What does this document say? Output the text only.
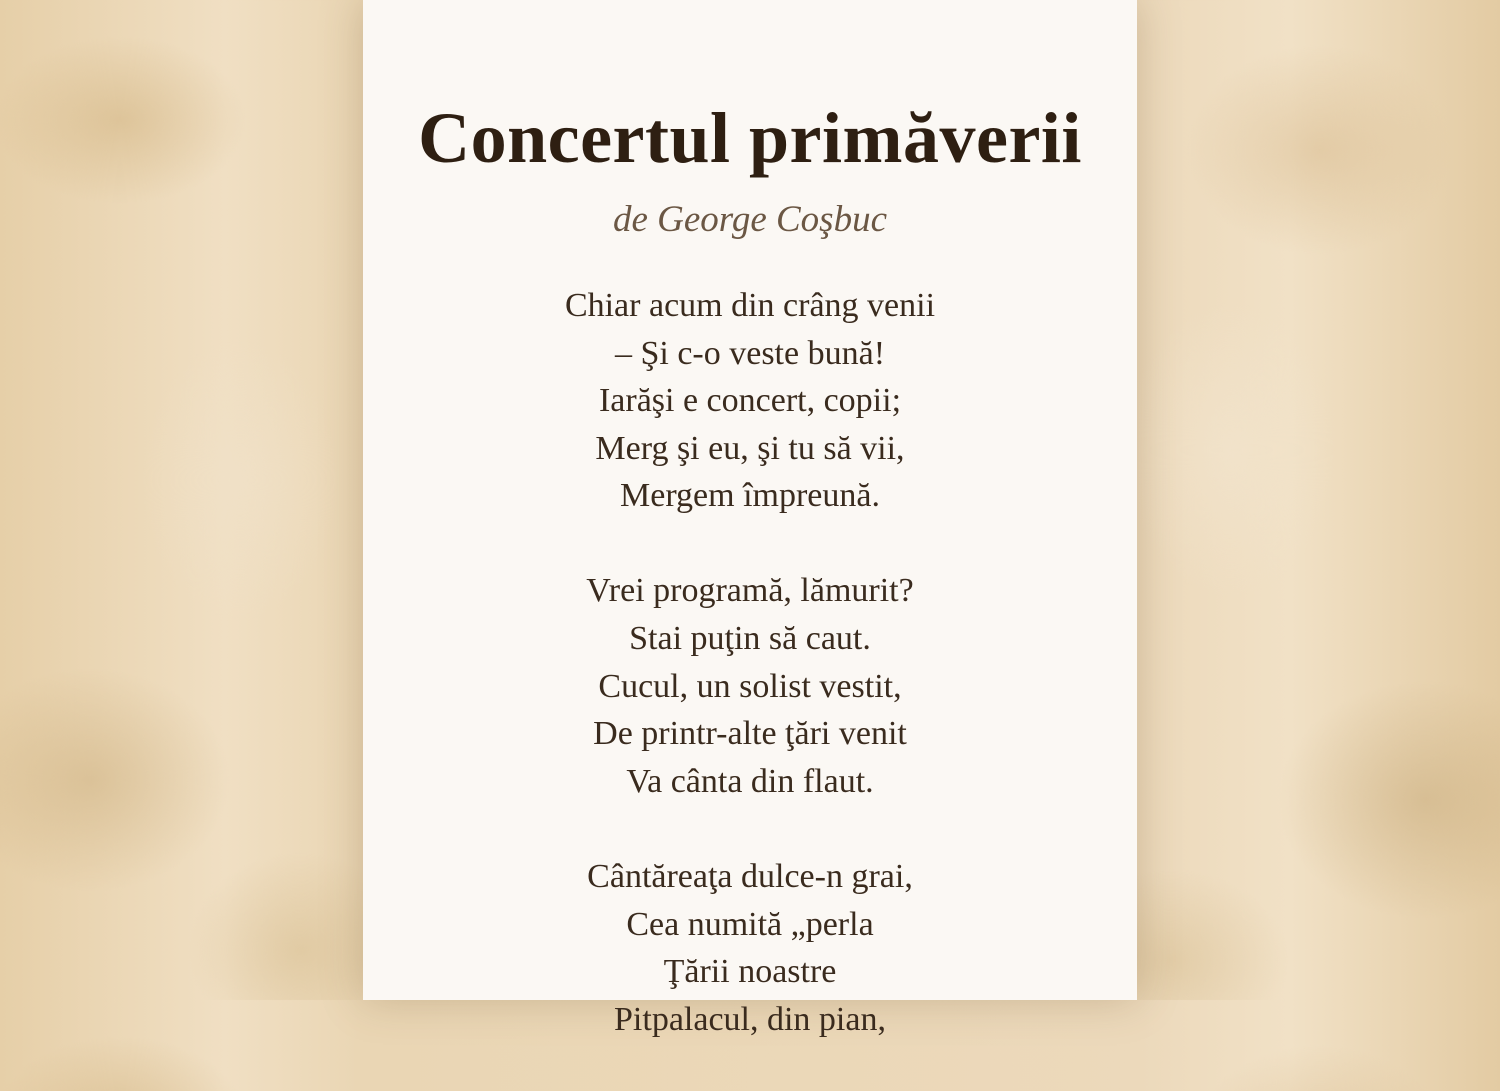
Concertul primăverii
de George Coşbuc
Chiar acum din crâng venii
– Şi c-o veste bună!
Iarăşi e concert, copii;
Merg şi eu, şi tu să vii,
Mergem împreună.
Vrei programă, lămurit?
Stai puţin să caut.
Cucul, un solist vestit,
De printr-alte ţări venit
Va cânta din flaut.
Cântăreaţa dulce-n grai,
Cea numită „perla
Ţării noastre
Pitpalacul, din pian,
